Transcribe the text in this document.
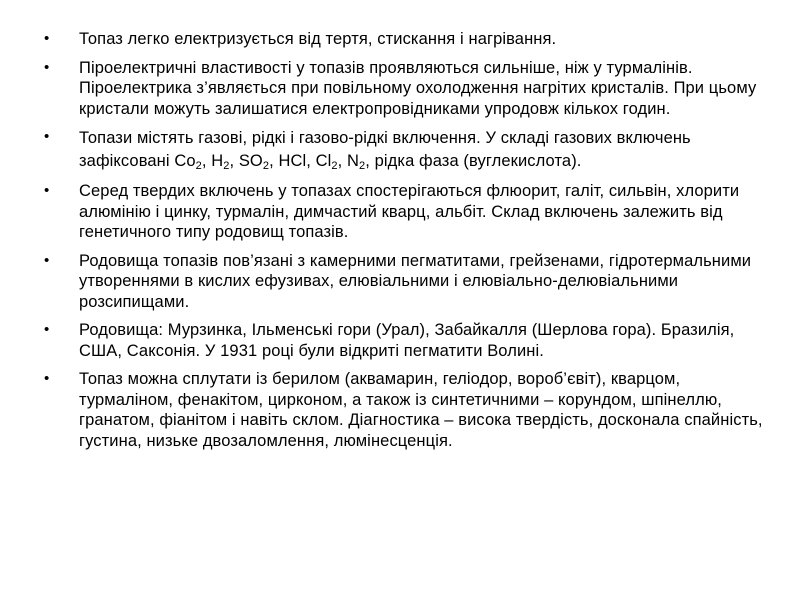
• Топаз легко електризується від тертя, стискання і нагрівання.
• Піроелектричні властивості у топазів проявляються сильніше, ніж у турмалінів. Піроелектрика з’являється при повільному охолодження нагрітих кристалів. При цьому кристали можуть залишатися електропровідниками упродовж кількох годин.
• Топази містять газові, рідкі і газово-рідкі включення. У складі газових включень зафіксовані $Со_2$, $Н_2$, $SО_2$, НСl, $Сl_2$, $N_2$, рідка фаза (вуглекислота).
• Серед твердих включень у топазах спостерігаються флюорит, галіт, сильвін, хлорити алюмінію і цинку, турмалін, димчастий кварц, альбіт. Склад включень залежить від генетичного типу родовищ топазів.
• Родовища топазів пов’язані з камерними пегматитами, грейзенами, гідротермальними утвореннями в кислих ефузивах, елювіальними і елювіально-делювіальними розсипищами.
• Родовища: Мурзинка, Ільменські гори (Урал), Забайкалля (Шерлова гора). Бразилія, США, Саксонія. У 1931 році були відкриті пегматити Волині.
• Топаз можна сплутати із берилом (аквамарин, геліодор, вороб’євіт), кварцом, турмаліном, фенакітом, цирконом, а також із синтетичними – корундом, шпінеллю, гранатом, фіанітом і навіть склом. Діагностика – висока твердість, досконала спайність, густина, низьке двозаломлення, люмінесценція.
